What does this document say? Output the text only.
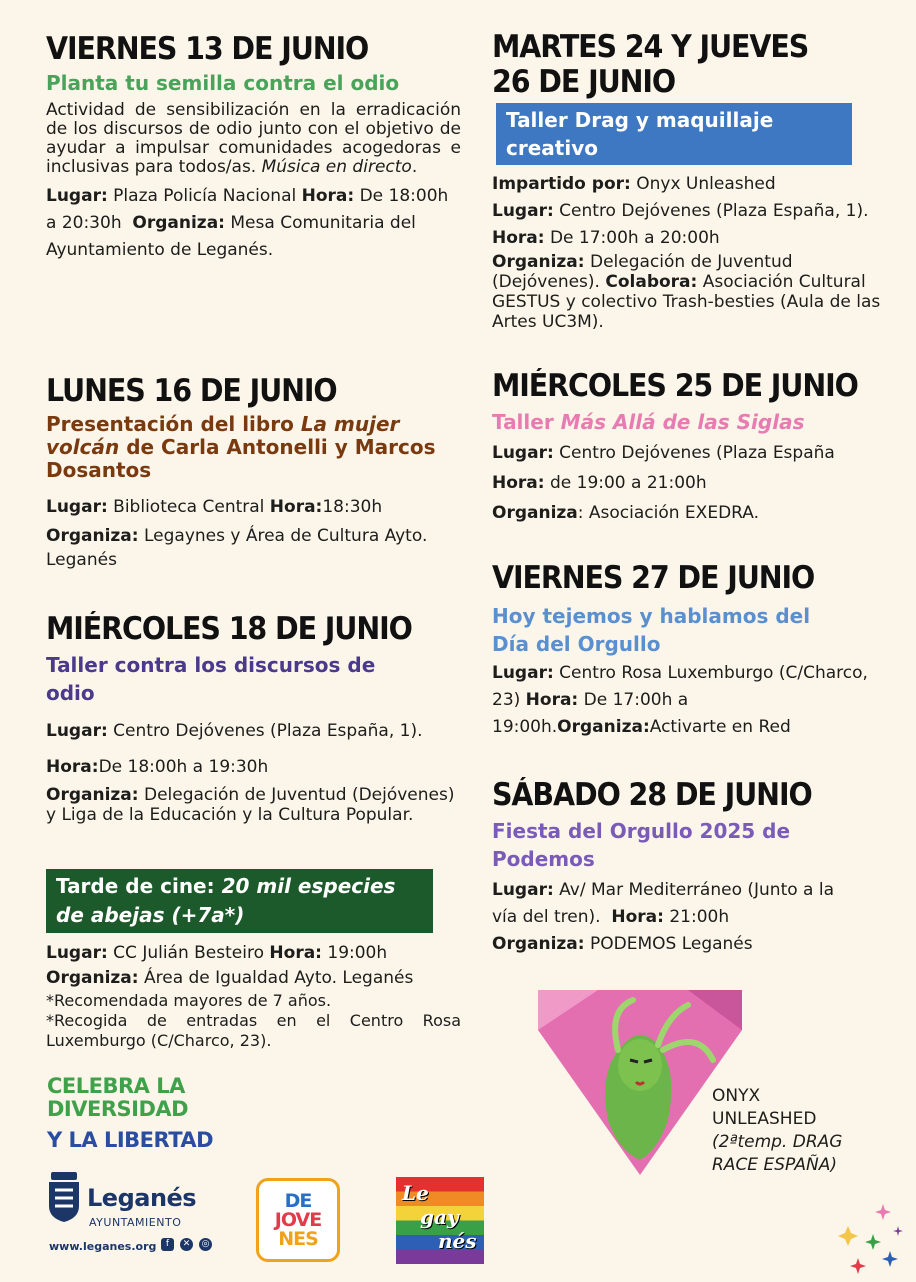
VIERNES 13 DE JUNIO
Planta tu semilla contra el odio

Actividad de sensibilización en la erradicación de los discursos de odio junto con el objetivo de ayudar a impulsar comunidades acogedoras e inclusivas para todos/as. Música en directo.

Lugar: Plaza Policía Nacional Hora: De 18:00h a 20:30h Organiza: Mesa Comunitaria del Ayuntamiento de Leganés.

LUNES 16 DE JUNIO
Presentación del libro La mujer volcán de Carla Antonelli y Marcos Dosantos

Lugar: Biblioteca Central Hora:18:30h

Organiza: Legaynes y Área de Cultura Ayto. Leganés

MIÉRCOLES 18 DE JUNIO
Taller contra los discursos de odio

Lugar: Centro Dejóvenes (Plaza España, 1). Hora:De 18:00h a 19:30h

Organiza: Delegación de Juventud (Dejóvenes) y Liga de la Educación y la Cultura Popular.

Tarde de cine: 20 mil especies de abejas (+7a*)

Lugar: CC Julián Besteiro Hora: 19:00h
Organiza: Área de Igualdad Ayto. Leganés

*Recomendada mayores de 7 años.

*Recogida de entradas en el Centro Rosa Luxemburgo (C/Charco, 23).

MARTES 24 Y JUEVES 26 DE JUNIO
Taller Drag y maquillaje creativo

Impartido por: Onyx Unleashed
Lugar: Centro Dejóvenes (Plaza España, 1). Hora: De 17:00h a 20:00h

Organiza: Delegación de Juventud (Dejóvenes). Colabora: Asociación Cultural GESTUS y colectivo Trash-besties (Aula de las Artes UC3M).

MIÉRCOLES 25 DE JUNIO
Taller Más Allá de las Siglas

Lugar: Centro Dejóvenes (Plaza España
Hora: de 19:00 a 21:00h
Organiza: Asociación EXEDRA.

VIERNES 27 DE JUNIO
Hoy tejemos y hablamos del Día del Orgullo

Lugar: Centro Rosa Luxemburgo (C/Charco, 23) Hora: De 17:00h a 19:00h.Organiza:Activarte en Red

SÁBADO 28 DE JUNIO
Fiesta del Orgullo 2025 de Podemos

Lugar: Av/ Mar Mediterráneo (Junto a la vía del tren). Hora: 21:00h
Organiza: PODEMOS Leganés

ONYX
UNLEASHED
(2ªtemp. DRAG RACE ESPAÑA)
CELEBRA LA
DIVERSIDAD
Y LA LIBERTAD
Leganés
AYUNTAMIENTO
www.leganes.org	f	✕	◎
DE
JOVE
NES
Le
gay
nés
